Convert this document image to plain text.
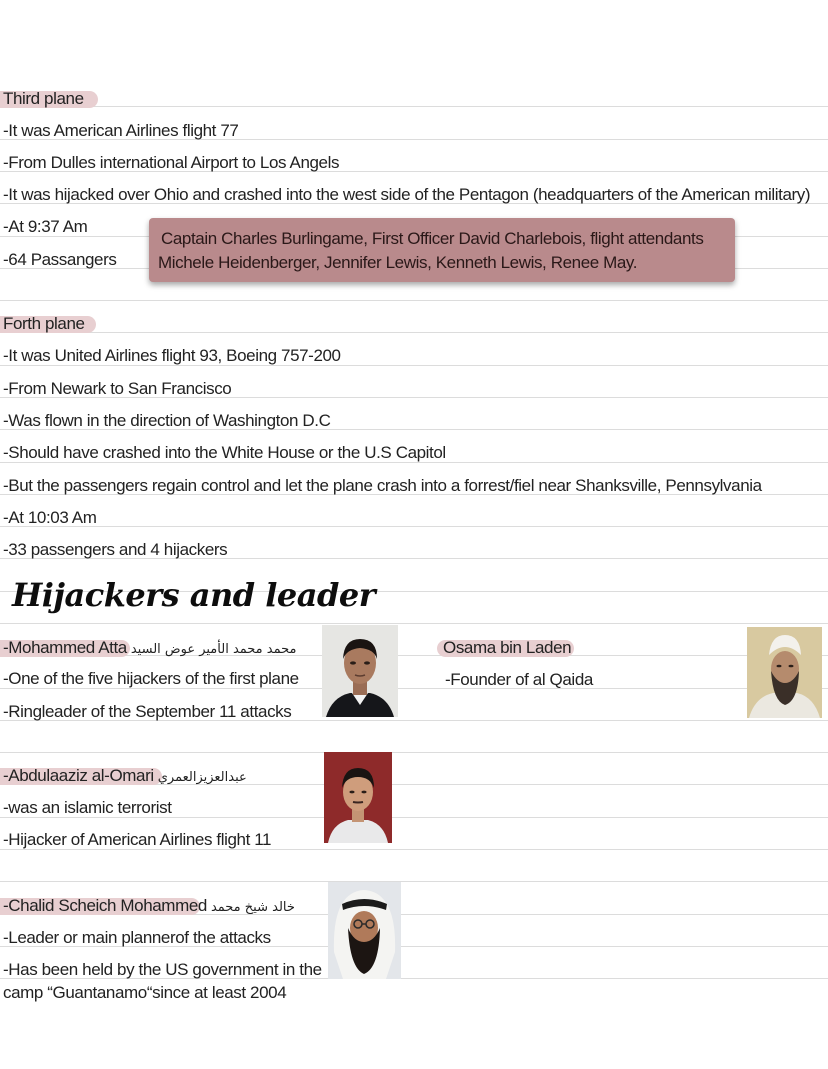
Third plane
-It was American Airlines flight 77
-From Dulles international Airport to Los Angels
-It was hijacked over Ohio and crashed into the west side of the Pentagon (headquarters of the American military)
-At 9:37 Am
-64 Passangers
Captain Charles Burlingame, First Officer David Charlebois, flight attendants
Michele Heidenberger, Jennifer Lewis, Kenneth Lewis, Renee May.
Forth plane
-It was United Airlines flight 93, Boeing 757-200
-From Newark to San Francisco
-Was flown in the direction of Washington D.C
-Should have crashed into the White House or the U.S Capitol
-But the passengers regain control and let the plane crash into a forrest/fiel near Shanksville, Pennsylvania
-At 10:03 Am
-33 passengers and 4 hijackers
Hijackers and leader
-Mohammed Atta محمد محمد الأمير عوض السيد
-One of the five hijackers of the first plane
-Ringleader of the September 11 attacks
Osama bin Laden
-Founder of al Qaida
-Abdulaaziz al-Omari عبدالعزيزالعمري
-was an islamic terrorist
-Hijacker of American Airlines flight 11
-Chalid Scheich Mohammed خالد شيخ محمد
-Leader or main plannerof the attacks
-Has been held by the US government in the
camp “Guantanamo“since at least 2004
